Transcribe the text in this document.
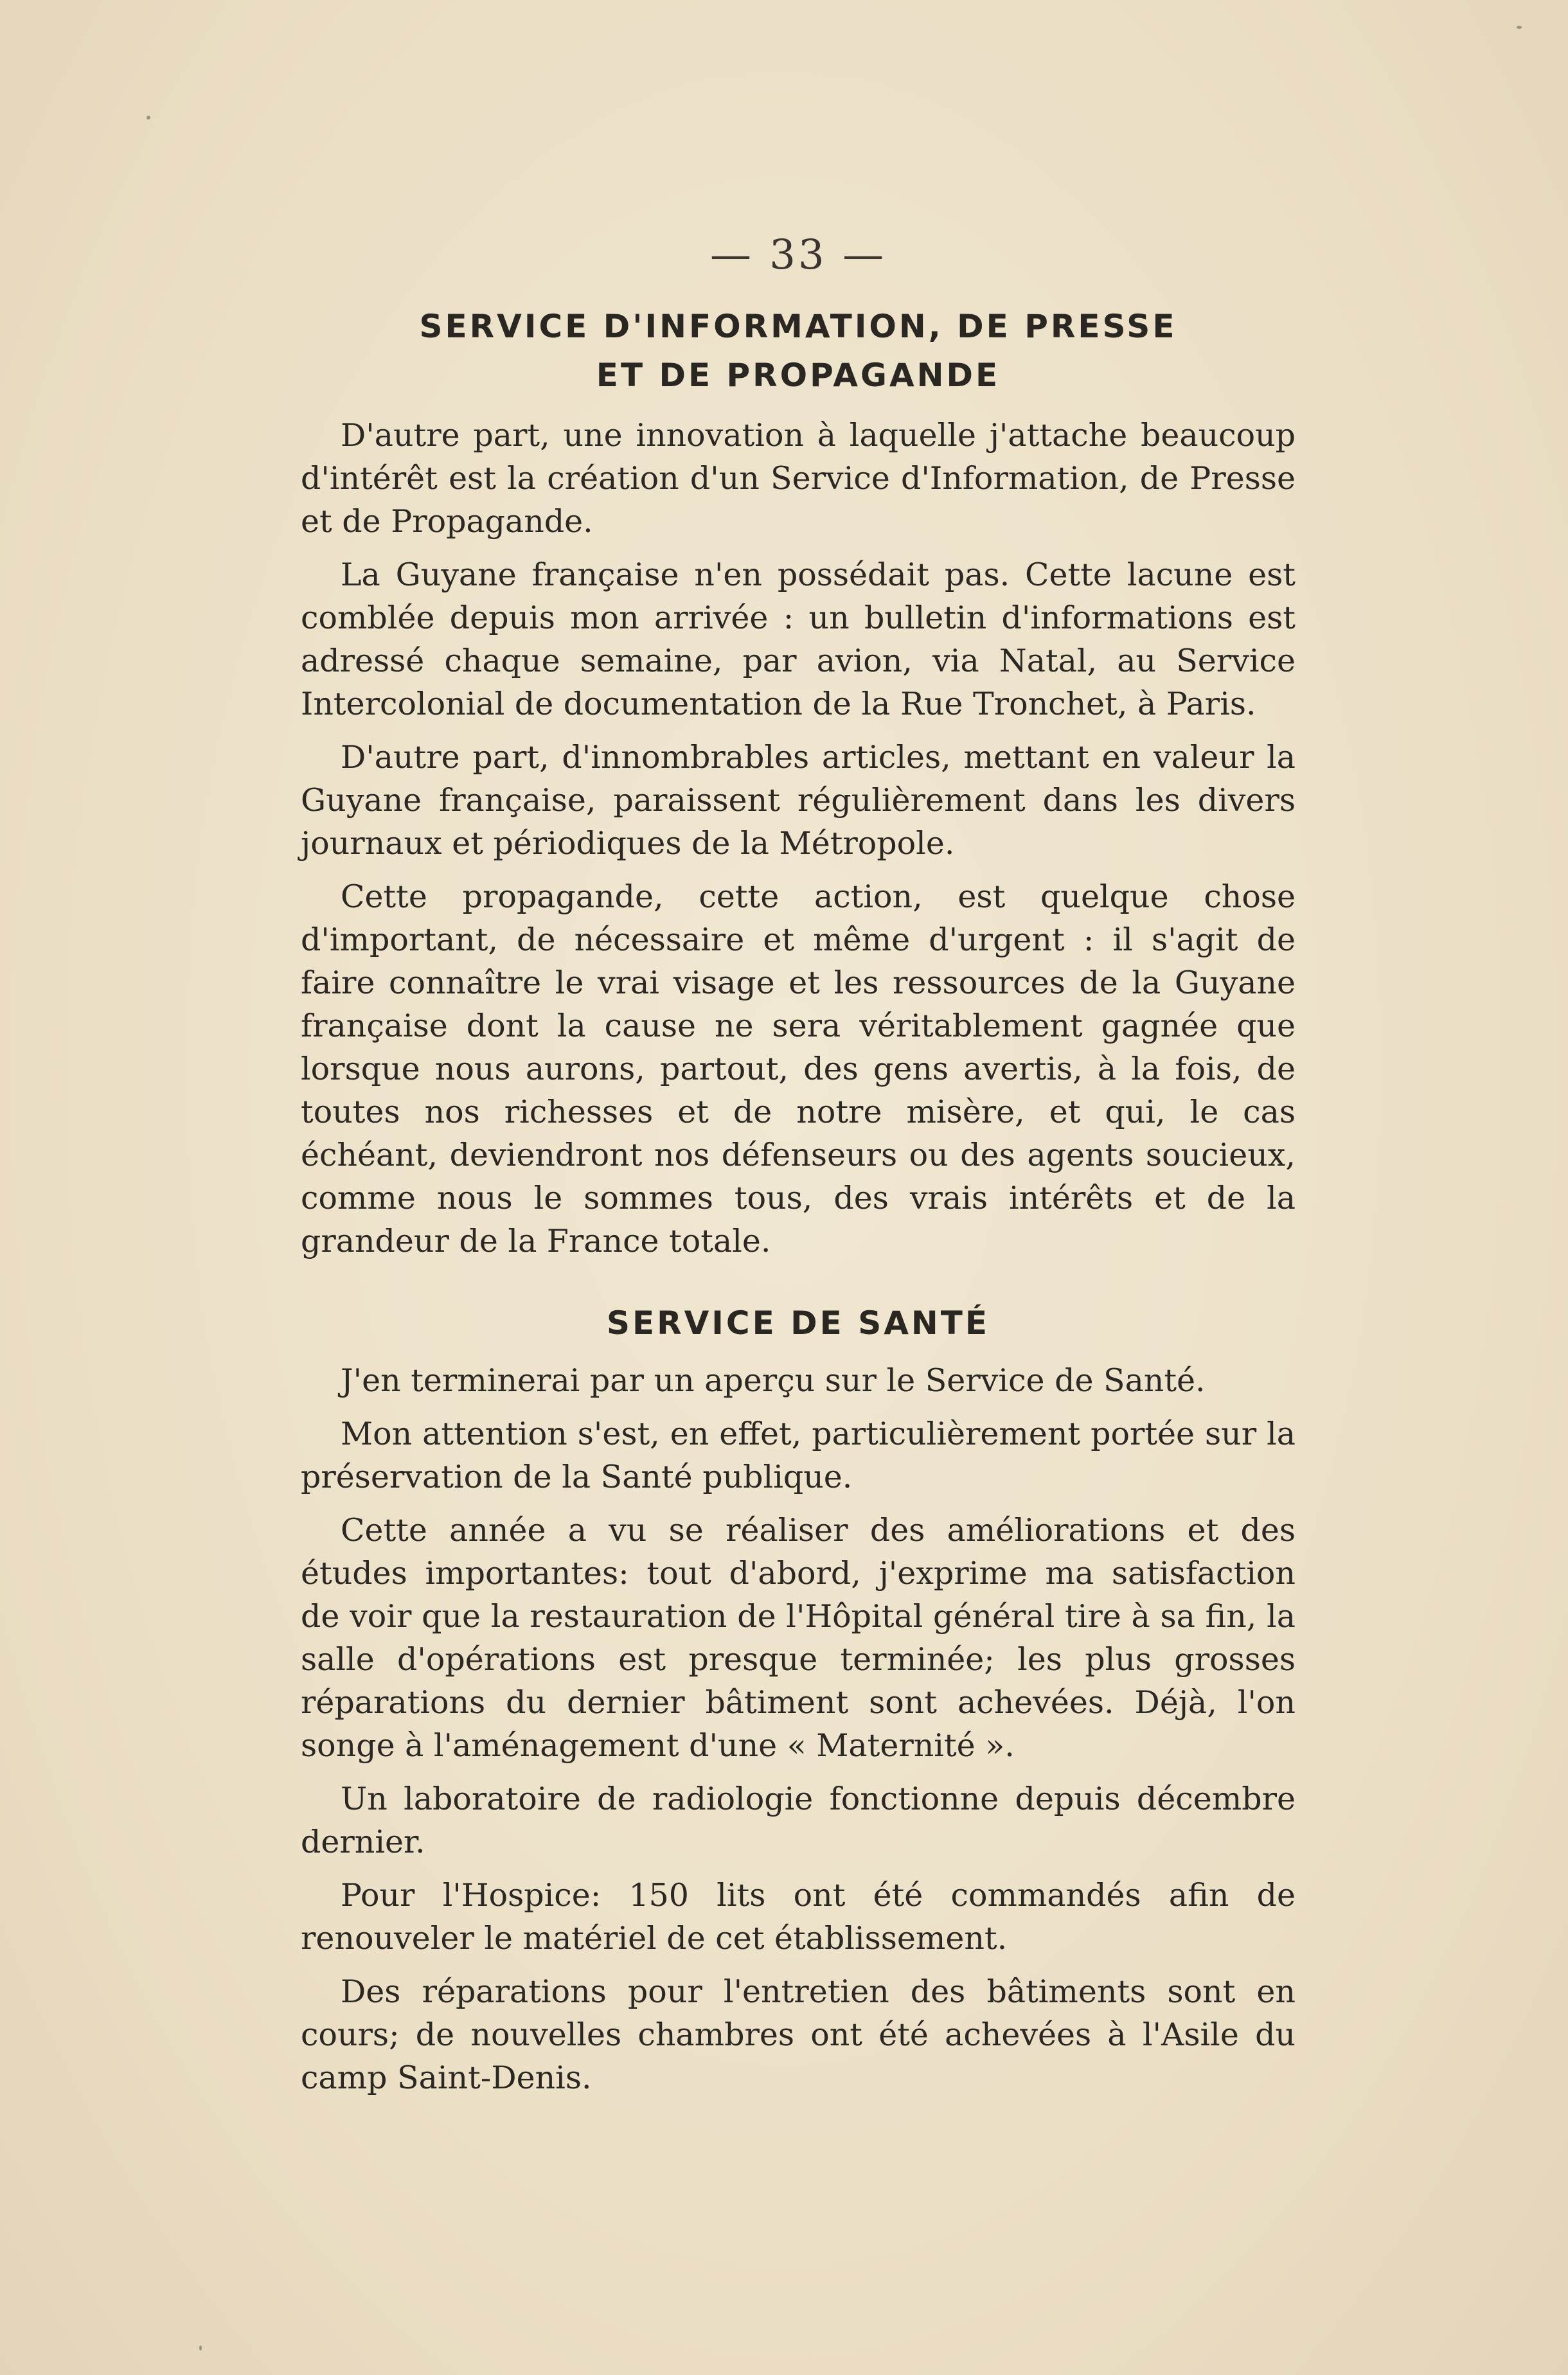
— 33 —
SERVICE D'INFORMATION, DE PRESSE
ET DE PROPAGANDE

D'autre part, une innovation à laquelle j'attache beaucoup d'intérêt est la création d'un Service d'Information, de Presse et de Propagande.

La Guyane française n'en possédait pas. Cette lacune est comblée depuis mon arrivée : un bulletin d'informations est adressé chaque semaine, par avion, via Natal, au Service Intercolonial de documentation de la Rue Tronchet, à Paris.

D'autre part, d'innombrables articles, mettant en valeur la Guyane française, paraissent régulièrement dans les divers journaux et périodiques de la Métropole.

Cette propagande, cette action, est quelque chose d'important, de nécessaire et même d'urgent : il s'agit de faire connaître le vrai visage et les ressources de la Guyane française dont la cause ne sera véritablement gagnée que lorsque nous aurons, partout, des gens avertis, à la fois, de toutes nos richesses et de notre misère, et qui, le cas échéant, deviendront nos défenseurs ou des agents soucieux, comme nous le sommes tous, des vrais intérêts et de la grandeur de la France totale.

SERVICE DE SANTÉ

J'en terminerai par un aperçu sur le Service de Santé.

Mon attention s'est, en effet, particulièrement portée sur la préservation de la Santé publique.

Cette année a vu se réaliser des améliorations et des études importantes: tout d'abord, j'exprime ma satisfaction de voir que la restauration de l'Hôpital général tire à sa fin, la salle d'opérations est presque terminée; les plus grosses réparations du dernier bâtiment sont achevées. Déjà, l'on songe à l'aménagement d'une « Maternité ».

Un laboratoire de radiologie fonctionne depuis décembre dernier.

Pour l'Hospice: 150 lits ont été commandés afin de renouveler le matériel de cet établissement.

Des réparations pour l'entretien des bâtiments sont en cours; de nouvelles chambres ont été achevées à l'Asile du camp Saint-Denis.
